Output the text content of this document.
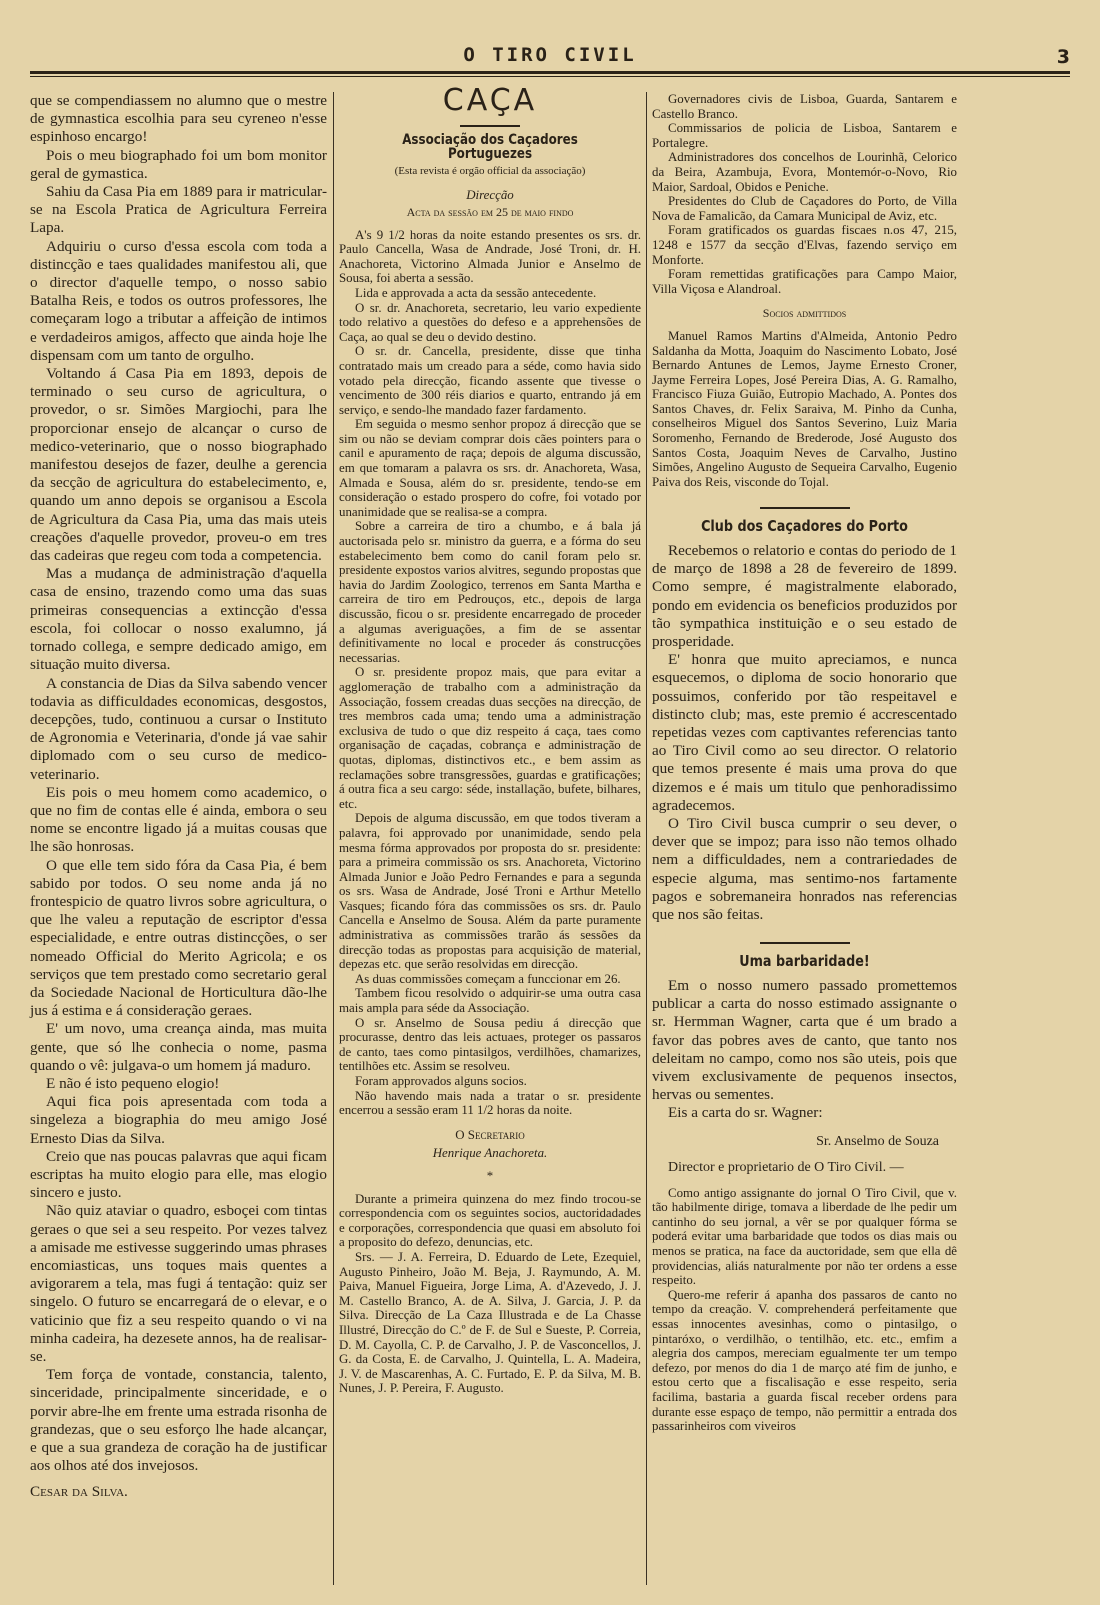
O TIRO CIVIL	3

que se compendiassem no alumno que o mestre de gymnastica escolhia para seu cyreneo n'esse espinhoso encargo!

Pois o meu biographado foi um bom monitor geral de gymastica.

Sahiu da Casa Pia em 1889 para ir matricular-se na Escola Pratica de Agricultura Ferreira Lapa.

Adquiriu o curso d'essa escola com toda a distincção e taes qualidades manifestou ali, que o director d'aquelle tempo, o nosso sabio Batalha Reis, e todos os outros professores, lhe começaram logo a tributar a affeição de intimos e verdadeiros amigos, affecto que ainda hoje lhe dispensam com um tanto de orgulho.

Voltando á Casa Pia em 1893, depois de terminado o seu curso de agricultura, o provedor, o sr. Simões Margiochi, para lhe proporcionar ensejo de alcançar o curso de medico-veterinario, que o nosso biographado manifestou desejos de fazer, deulhe a gerencia da secção de agricultura do estabelecimento, e, quando um anno depois se organisou a Escola de Agricultura da Casa Pia, uma das mais uteis creações d'aquelle provedor, proveu-o em tres das cadeiras que regeu com toda a competencia.

Mas a mudança de administração d'aquella casa de ensino, trazendo como uma das suas primeiras consequencias a extincção d'essa escola, foi collocar o nosso exalumno, já tornado collega, e sempre dedicado amigo, em situação muito diversa.

A constancia de Dias da Silva sabendo vencer todavia as difficuldades economicas, desgostos, decepções, tudo, continuou a cursar o Instituto de Agronomia e Veterinaria, d'onde já vae sahir diplomado com o seu curso de medico-veterinario.

Eis pois o meu homem como academico, o que no fim de contas elle é ainda, embora o seu nome se encontre ligado já a muitas cousas que lhe são honrosas.

O que elle tem sido fóra da Casa Pia, é bem sabido por todos. O seu nome anda já no frontespicio de quatro livros sobre agricultura, o que lhe valeu a reputação de escriptor d'essa especialidade, e entre outras distincções, o ser nomeado Official do Merito Agricola; e os serviços que tem prestado como secretario geral da Sociedade Nacional de Horticultura dão-lhe jus á estima e á consideração geraes.

E' um novo, uma creança ainda, mas muita gente, que só lhe conhecia o nome, pasma quando o vê: julgava-o um homem já maduro.

E não é isto pequeno elogio!

Aqui fica pois apresentada com toda a singeleza a biographia do meu amigo José Ernesto Dias da Silva.

Creio que nas poucas palavras que aqui ficam escriptas ha muito elogio para elle, mas elogio sincero e justo.

Não quiz ataviar o quadro, esboçei com tintas geraes o que sei a seu respeito. Por vezes talvez a amisade me estivesse suggerindo umas phrases encomiasticas, uns toques mais quentes a avigorarem a tela, mas fugi á tentação: quiz ser singelo. O futuro se encarregará de o elevar, e o vaticinio que fiz a seu respeito quando o vi na minha cadeira, ha dezesete annos, ha de realisar-se.

Tem força de vontade, constancia, talento, sinceridade, principalmente sinceridade, e o porvir abre-lhe em frente uma estrada risonha de grandezas, que o seu esforço lhe hade alcançar, e que a sua grandeza de coração ha de justificar aos olhos até dos invejosos.

Cesar da Silva.

CAÇA
Associação dos Caçadores Portuguezes
(Esta revista é orgão official da associação)
Direcção
Acta da sessão em 25 de maio findo

A's 9 1/2 horas da noite estando presentes os srs. dr. Paulo Cancella, Wasa de Andrade, José Troni, dr. H. Anachoreta, Victorino Almada Junior e Anselmo de Sousa, foi aberta a sessão.

Lida e approvada a acta da sessão antecedente.

O sr. dr. Anachoreta, secretario, leu vario expediente todo relativo a questões do defeso e a apprehensões de Caça, ao qual se deu o devido destino.

O sr. dr. Cancella, presidente, disse que tinha contratado mais um creado para a séde, como havia sido votado pela direcção, ficando assente que tivesse o vencimento de 300 réis diarios e quarto, entrando já em serviço, e sendo-lhe mandado fazer fardamento.

Em seguida o mesmo senhor propoz á direcção que se sim ou não se deviam comprar dois cães pointers para o canil e apuramento de raça; depois de alguma discussão, em que tomaram a palavra os srs. dr. Anachoreta, Wasa, Almada e Sousa, além do sr. presidente, tendo-se em consideração o estado prospero do cofre, foi votado por unanimidade que se realisa-se a compra.

Sobre a carreira de tiro a chumbo, e á bala já auctorisada pelo sr. ministro da guerra, e a fórma do seu estabelecimento bem como do canil foram pelo sr. presidente expostos varios alvitres, segundo propostas que havia do Jardim Zoologico, terrenos em Santa Martha e carreira de tiro em Pedrouços, etc., depois de larga discussão, ficou o sr. presidente encarregado de proceder a algumas averiguações, a fim de se assentar definitivamente no local e proceder ás construcções necessarias.

O sr. presidente propoz mais, que para evitar a agglomeração de trabalho com a administração da Associação, fossem creadas duas secções na direcção, de tres membros cada uma; tendo uma a administração exclusiva de tudo o que diz respeito á caça, taes como organisação de caçadas, cobrança e administração de quotas, diplomas, distinctivos etc., e bem assim as reclamações sobre transgressões, guardas e gratificações; á outra fica a seu cargo: séde, installação, bufete, bilhares, etc.

Depois de alguma discussão, em que todos tiveram a palavra, foi approvado por unanimidade, sendo pela mesma fórma approvados por proposta do sr. presidente: para a primeira commissão os srs. Anachoreta, Victorino Almada Junior e João Pedro Fernandes e para a segunda os srs. Wasa de Andrade, José Troni e Arthur Metello Vasques; ficando fóra das commissões os srs. dr. Paulo Cancella e Anselmo de Sousa. Além da parte puramente administrativa as commissões trarão ás sessões da direcção todas as propostas para acquisição de material, depezas etc. que serão resolvidas em direcção.

As duas commissões começam a funccionar em 26.

Tambem ficou resolvido o adquirir-se uma outra casa mais ampla para séde da Associação.

O sr. Anselmo de Sousa pediu á direcção que procurasse, dentro das leis actuaes, proteger os passaros de canto, taes como pintasilgos, verdilhões, chamarizes, tentilhões etc. Assim se resolveu.

Foram approvados alguns socios.

Não havendo mais nada a tratar o sr. presidente encerrou a sessão eram 11 1/2 horas da noite.

O Secretario
Henrique Anachoreta.
*

Durante a primeira quinzena do mez findo trocou-se correspondencia com os seguintes socios, auctoridadades e corporações, correspondencia que quasi em absoluto foi a proposito do defezo, denuncias, etc.

Srs. — J. A. Ferreira, D. Eduardo de Lete, Ezequiel, Augusto Pinheiro, João M. Beja, J. Raymundo, A. M. Paiva, Manuel Figueira, Jorge Lima, A. d'Azevedo, J. J. M. Castello Branco, A. de A. Silva, J. Garcia, J. P. da Silva. Direcção de La Caza Illustrada e de La Chasse Illustré, Direcção do C.º de F. de Sul e Sueste, P. Correia, D. M. Cayolla, C. P. de Carvalho, J. P. de Vasconcellos, J. G. da Costa, E. de Carvalho, J. Quintella, L. A. Madeira, J. V. de Mascarenhas, A. C. Furtado, E. P. da Silva, M. B. Nunes, J. P. Pereira, F. Augusto.

Governadores civis de Lisboa, Guarda, Santarem e Castello Branco.

Commissarios de policia de Lisboa, Santarem e Portalegre.

Administradores dos concelhos de Lourinhã, Celorico da Beira, Azambuja, Evora, Montemór-o-Novo, Rio Maior, Sardoal, Obidos e Peniche.

Presidentes do Club de Caçadores do Porto, de Villa Nova de Famalicão, da Camara Municipal de Aviz, etc.

Foram gratificados os guardas fiscaes n.os 47, 215, 1248 e 1577 da secção d'Elvas, fazendo serviço em Monforte.

Foram remettidas gratificações para Campo Maior, Villa Viçosa e Alandroal.

Socios admittidos

Manuel Ramos Martins d'Almeida, Antonio Pedro Saldanha da Motta, Joaquim do Nascimento Lobato, José Bernardo Antunes de Lemos, Jayme Ernesto Croner, Jayme Ferreira Lopes, José Pereira Dias, A. G. Ramalho, Francisco Fiuza Guião, Eutropio Machado, A. Pontes dos Santos Chaves, dr. Felix Saraiva, M. Pinho da Cunha, conselheiros Miguel dos Santos Severino, Luiz Maria Soromenho, Fernando de Brederode, José Augusto dos Santos Costa, Joaquim Neves de Carvalho, Justino Simões, Angelino Augusto de Sequeira Carvalho, Eugenio Paiva dos Reis, visconde do Tojal.

Club dos Caçadores do Porto

Recebemos o relatorio e contas do periodo de 1 de março de 1898 a 28 de fevereiro de 1899. Como sempre, é magistralmente elaborado, pondo em evidencia os beneficios produzidos por tão sympathica instituição e o seu estado de prosperidade.

E' honra que muito apreciamos, e nunca esquecemos, o diploma de socio honorario que possuimos, conferido por tão respeitavel e distincto club; mas, este premio é accrescentado repetidas vezes com captivantes referencias tanto ao Tiro Civil como ao seu director. O relatorio que temos presente é mais uma prova do que dizemos e é mais um titulo que penhoradissimo agradecemos.

O Tiro Civil busca cumprir o seu dever, o dever que se impoz; para isso não temos olhado nem a difficuldades, nem a contrariedades de especie alguma, mas sentimo-nos fartamente pagos e sobremaneira honrados nas referencias que nos são feitas.

Uma barbaridade!

Em o nosso numero passado promettemos publicar a carta do nosso estimado assignante o sr. Hermman Wagner, carta que é um brado a favor das pobres aves de canto, que tanto nos deleitam no campo, como nos são uteis, pois que vivem exclusivamente de pequenos insectos, hervas ou sementes.

Eis a carta do sr. Wagner:

Sr. Anselmo de Souza

Director e proprietario de O Tiro Civil. —

Como antigo assignante do jornal O Tiro Civil, que v. tão habilmente dirige, tomava a liberdade de lhe pedir um cantinho do seu jornal, a vêr se por qualquer fórma se poderá evitar uma barbaridade que todos os dias mais ou menos se pratica, na face da auctoridade, sem que ella dê providencias, aliás naturalmente por não ter ordens a esse respeito.

Quero-me referir á apanha dos passaros de canto no tempo da creação. V. comprehenderá perfeitamente que essas innocentes avesinhas, como o pintasilgo, o pintaróxo, o verdilhão, o tentilhão, etc. etc., emfim a alegria dos campos, mereciam egualmente ter um tempo defezo, por menos do dia 1 de março até fim de junho, e estou certo que a fiscalisação e esse respeito, seria facilima, bastaria a guarda fiscal receber ordens para durante esse espaço de tempo, não permittir a entrada dos passarinheiros com viveiros
